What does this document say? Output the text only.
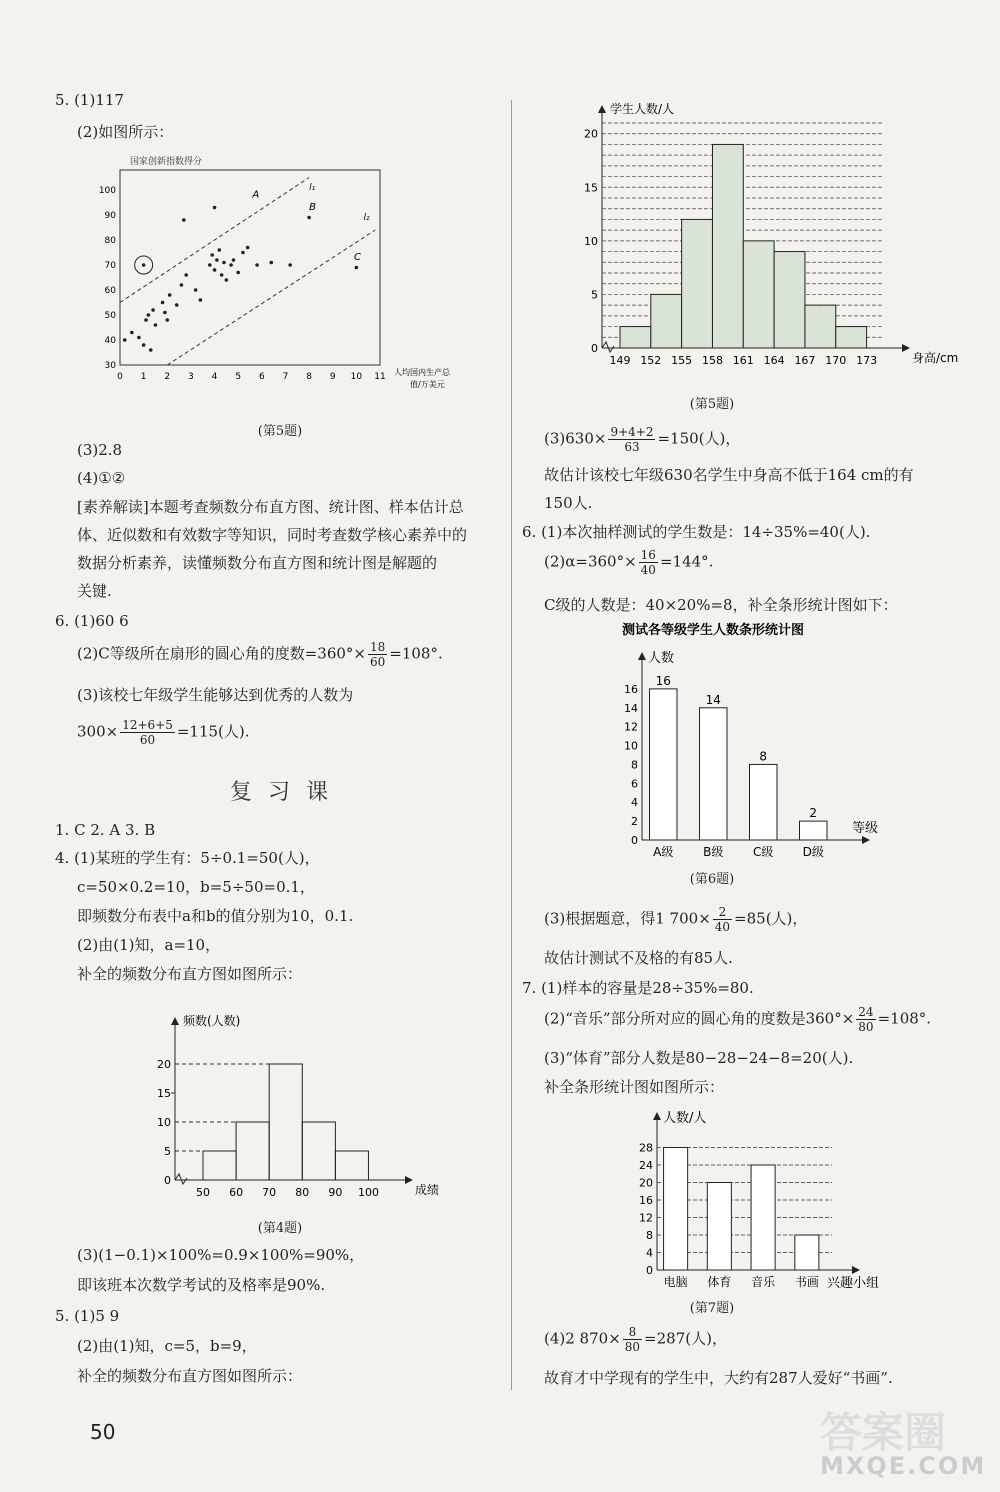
5. (1)117

(2)如图所示：

国家创新指数得分
0 1 2 3 4 5 6 7 8 9 10 11
30
40
50
60
70
80
90
100
人均国内生产总
值/万美元
A
B
C
l₁
l₂
(第5题)

(3)2.8

(4)①②

[素养解读]本题考查频数分布直方图、统计图、样本估计总

体、近似数和有效数字等知识，同时考查数学核心素养中的

数据分析素养，读懂频数分布直方图和统计图是解题的

关键.

6. (1)60 6

(2)C等级所在扇形的圆心角的度数$=360^\circ\times \frac{18}{60} =108^\circ$.

(3)该校七年级学生能够达到优秀的人数为

$300\times \frac{12+6+5}{60} =115$(人).

复习课

1. C 2. A 3. B

4. (1)某班的学生有：5÷0.1=50(人)，

c=50×0.2=10，b=5÷50=0.1，

即频数分布表中a和b的值分别为10，0.1.

(2)由(1)知，a=10，

补全的频数分布直方图如图所示：

频数(人数)
成绩
0
5
10
15
20
50 60 70 80 90 100
(第4题)

(3)(1−0.1)×100%=0.9×100%=90%，

即该班本次数学考试的及格率是90%.

5. (1)5 9

(2)由(1)知，c=5，b=9，

补全的频数分布直方图如图所示：

学生人数/人
身高/cm
0
5
10
15
20
149 152 155 158 161 164 167 170 173
(第5题)

$(3)630\times \frac{9+4+2}{63} =150$(人)，

故估计该校七年级630名学生中身高不低于164 cm的有

150人.

6. (1)本次抽样测试的学生数是：14÷35%=40(人).

$(2)\alpha=360^\circ\times \frac{16}{40} =144^\circ$.

C级的人数是：40×20%=8，补全条形统计图如下：

测试各等级学生人数条形统计图
人数
等级
0
2
4
6
8
10
12
14
16
16
A级
14
B级
8
C级
2
D级
(第6题)

(3)根据题意，得1 $700\times \frac{2}{40} =85$(人)，

故估计测试不及格的有85人.

7. (1)样本的容量是28÷35%=80.

(2)“音乐”部分所对应的圆心角的度数是$360^\circ\times \frac{24}{80} =108^\circ$.

(3)“体育”部分人数是80−28−24−8=20(人).

补全条形统计图如图所示：

人数/人
兴趣小组
0
4
8
12
16
20
24
28
电脑 体育 音乐 书画
(第7题)

(4)2 $870\times \frac{8}{80} =287$(人)，

故育才中学现有的学生中，大约有287人爱好“书画”.

50	答案圈
MXQE.COM
